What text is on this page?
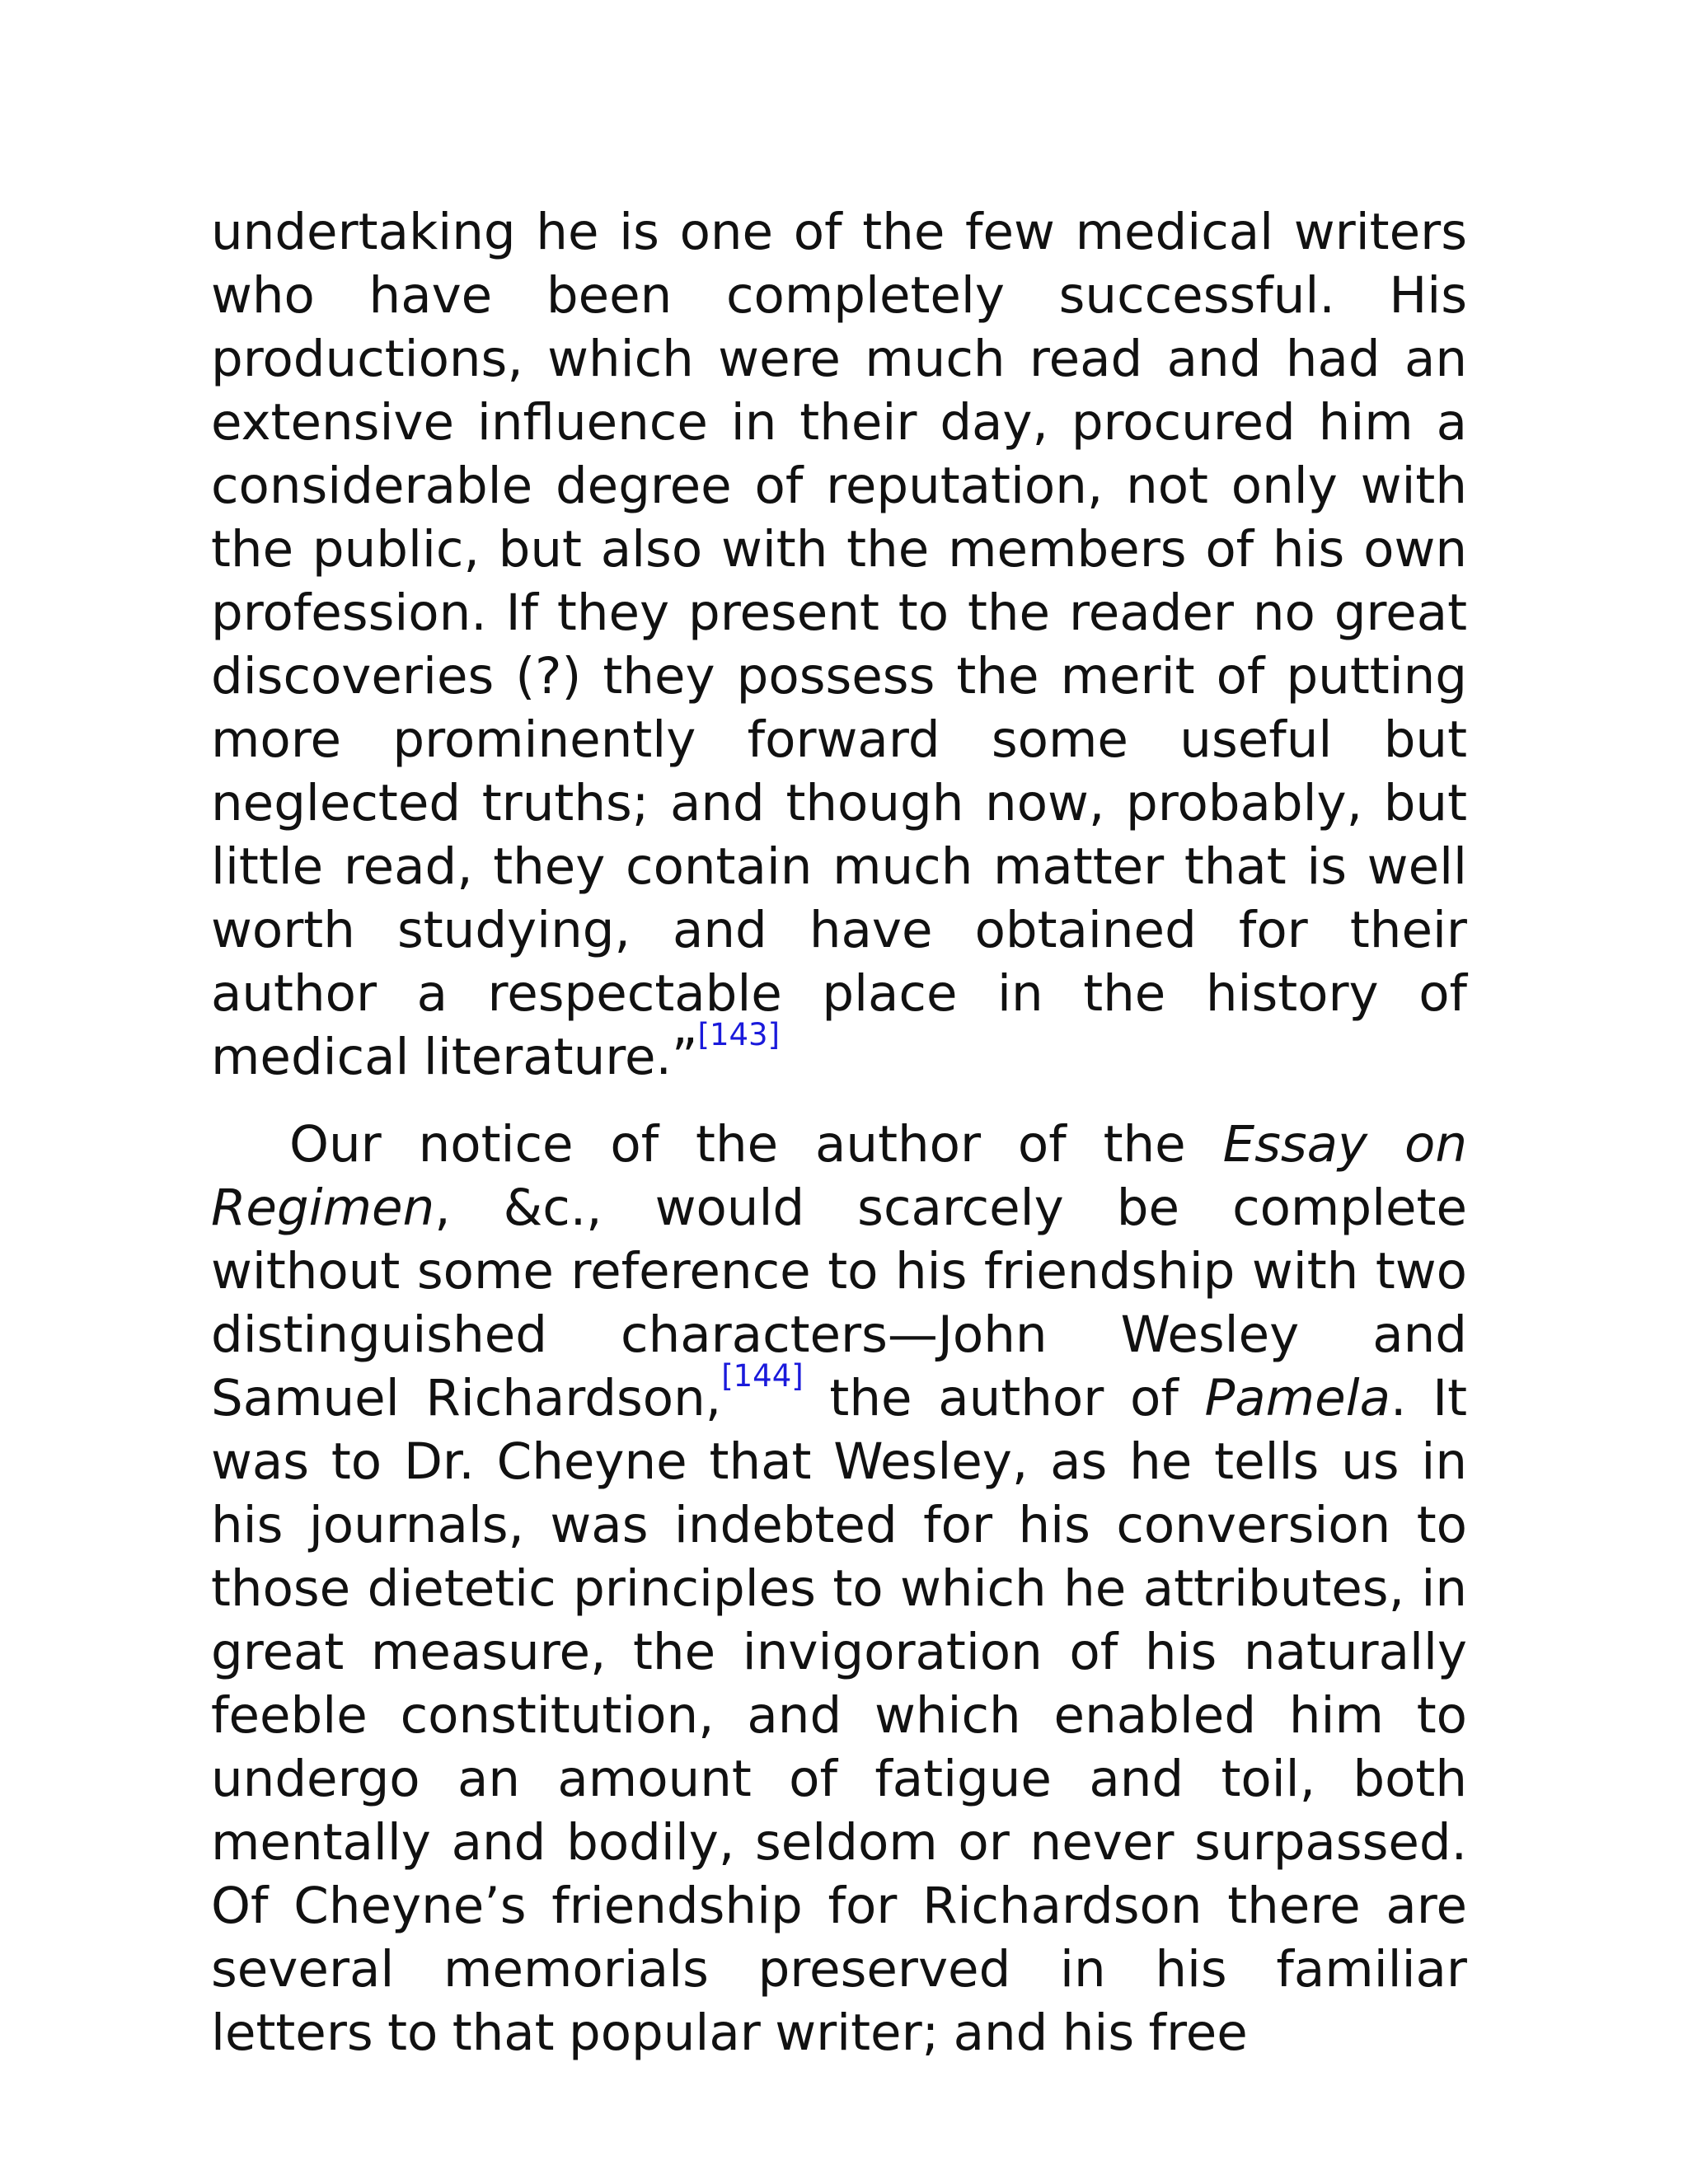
undertaking he is one of the few medical writers who have been completely successful. His productions, which were much read and had an extensive influence in their day, procured him a considerable degree of reputation, not only with the public, but also with the members of his own profession. If they present to the reader no great discoveries (?) they possess the merit of putting more prominently forward some useful but neglected truths; and though now, probably, but little read, they contain much matter that is well worth studying, and have obtained for their author a respectable place in the history of medical literature.”[143]

Our notice of the author of the Essay on Regimen, &c., would scarcely be complete without some reference to his friendship with two distinguished characters—John Wesley and Samuel Richardson,[144] the author of Pamela. It was to Dr. Cheyne that Wesley, as he tells us in his journals, was indebted for his conversion to those dietetic principles to which he attributes, in great measure, the invigoration of his naturally feeble constitution, and which enabled him to undergo an amount of fatigue and toil, both mentally and bodily, seldom or never surpassed. Of Cheyne’s friendship for Richardson there are several memorials preserved in his familiar letters to that popular writer; and his free
